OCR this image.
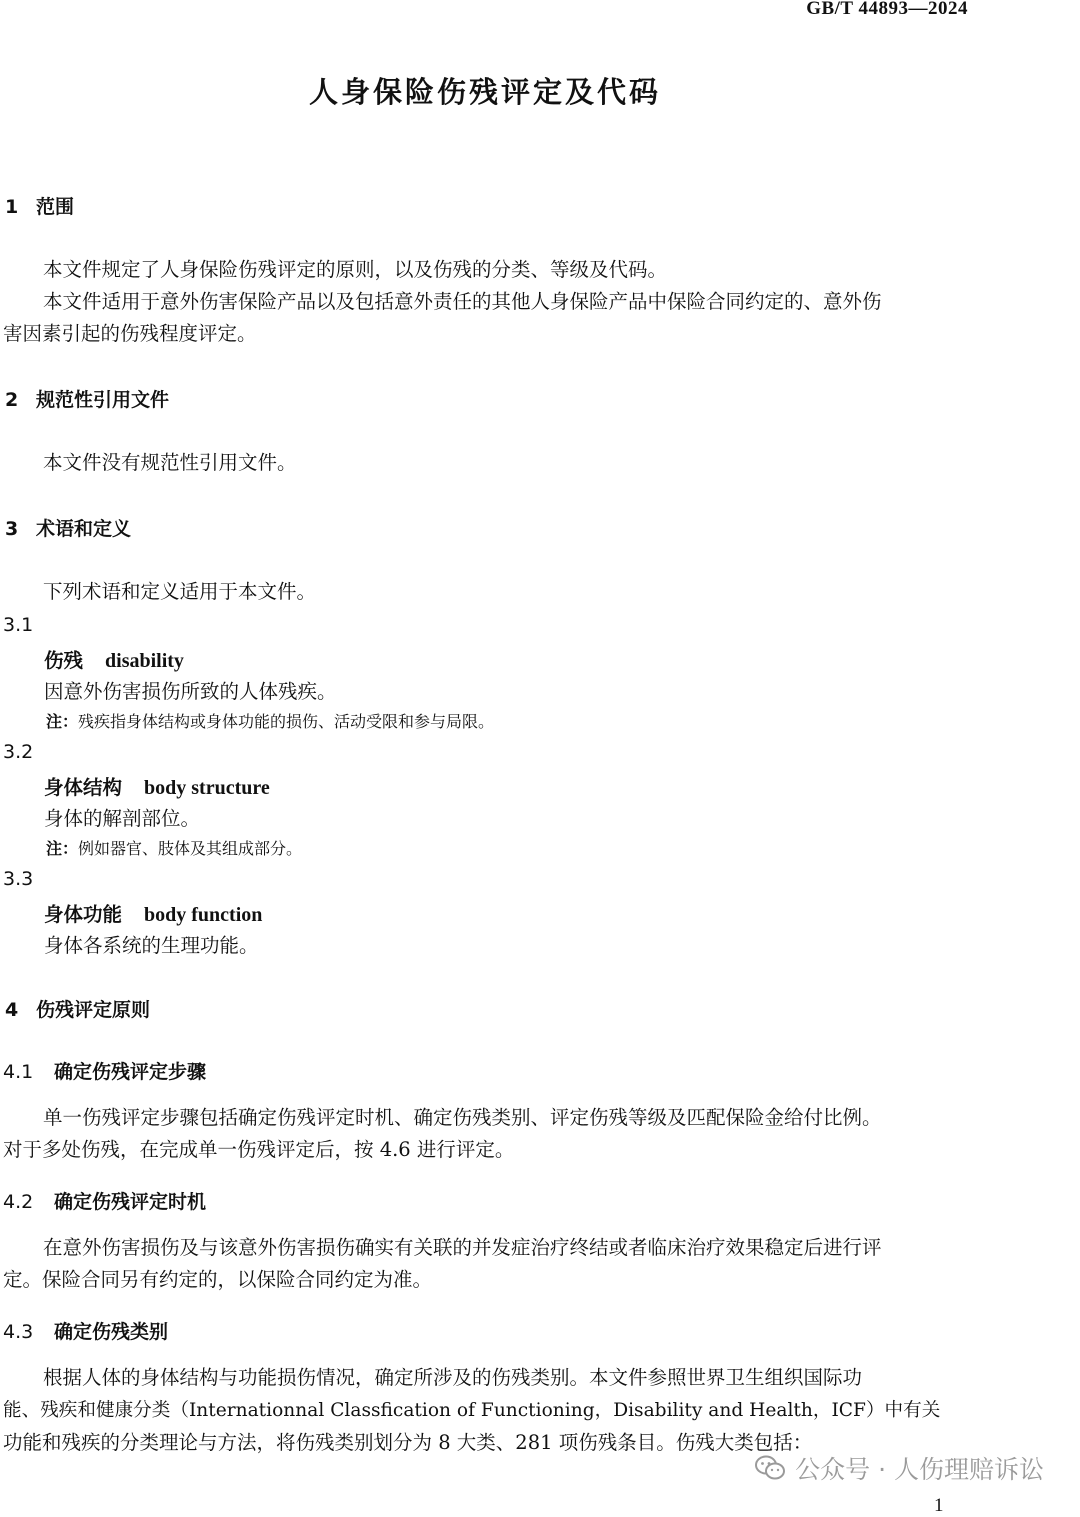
GB/T 44893—2024
人身保险伤残评定及代码
1 范围
本文件规定了人身保险伤残评定的原则，以及伤残的分类、等级及代码。
本文件适用于意外伤害保险产品以及包括意外责任的其他人身保险产品中保险合同约定的、意外伤
害因素引起的伤残程度评定。
2 规范性引用文件
本文件没有规范性引用文件。
3 术语和定义
下列术语和定义适用于本文件。
3.1
伤残 disability
因意外伤害损伤所致的人体残疾。
注：残疾指身体结构或身体功能的损伤、活动受限和参与局限。
3.2
身体结构 body structure
身体的解剖部位。
注：例如器官、肢体及其组成部分。
3.3
身体功能 body function
身体各系统的生理功能。
4 伤残评定原则
4.1 确定伤残评定步骤
单一伤残评定步骤包括确定伤残评定时机、确定伤残类别、评定伤残等级及匹配保险金给付比例。
对于多处伤残，在完成单一伤残评定后，按 4.6 进行评定。
4.2 确定伤残评定时机
在意外伤害损伤及与该意外伤害损伤确实有关联的并发症治疗终结或者临床治疗效果稳定后进行评
定。保险合同另有约定的，以保险合同约定为准。
4.3 确定伤残类别
根据人体的身体结构与功能损伤情况，确定所涉及的伤残类别。本文件参照世界卫生组织国际功
能、残疾和健康分类（Internationnal Classfication of Functioning，Disability and Health，ICF）中有关
功能和残疾的分类理论与方法，将伤残类别划分为 8 大类、281 项伤残条目。伤残大类包括：
公众号 · 人伤理赔诉讼
1
